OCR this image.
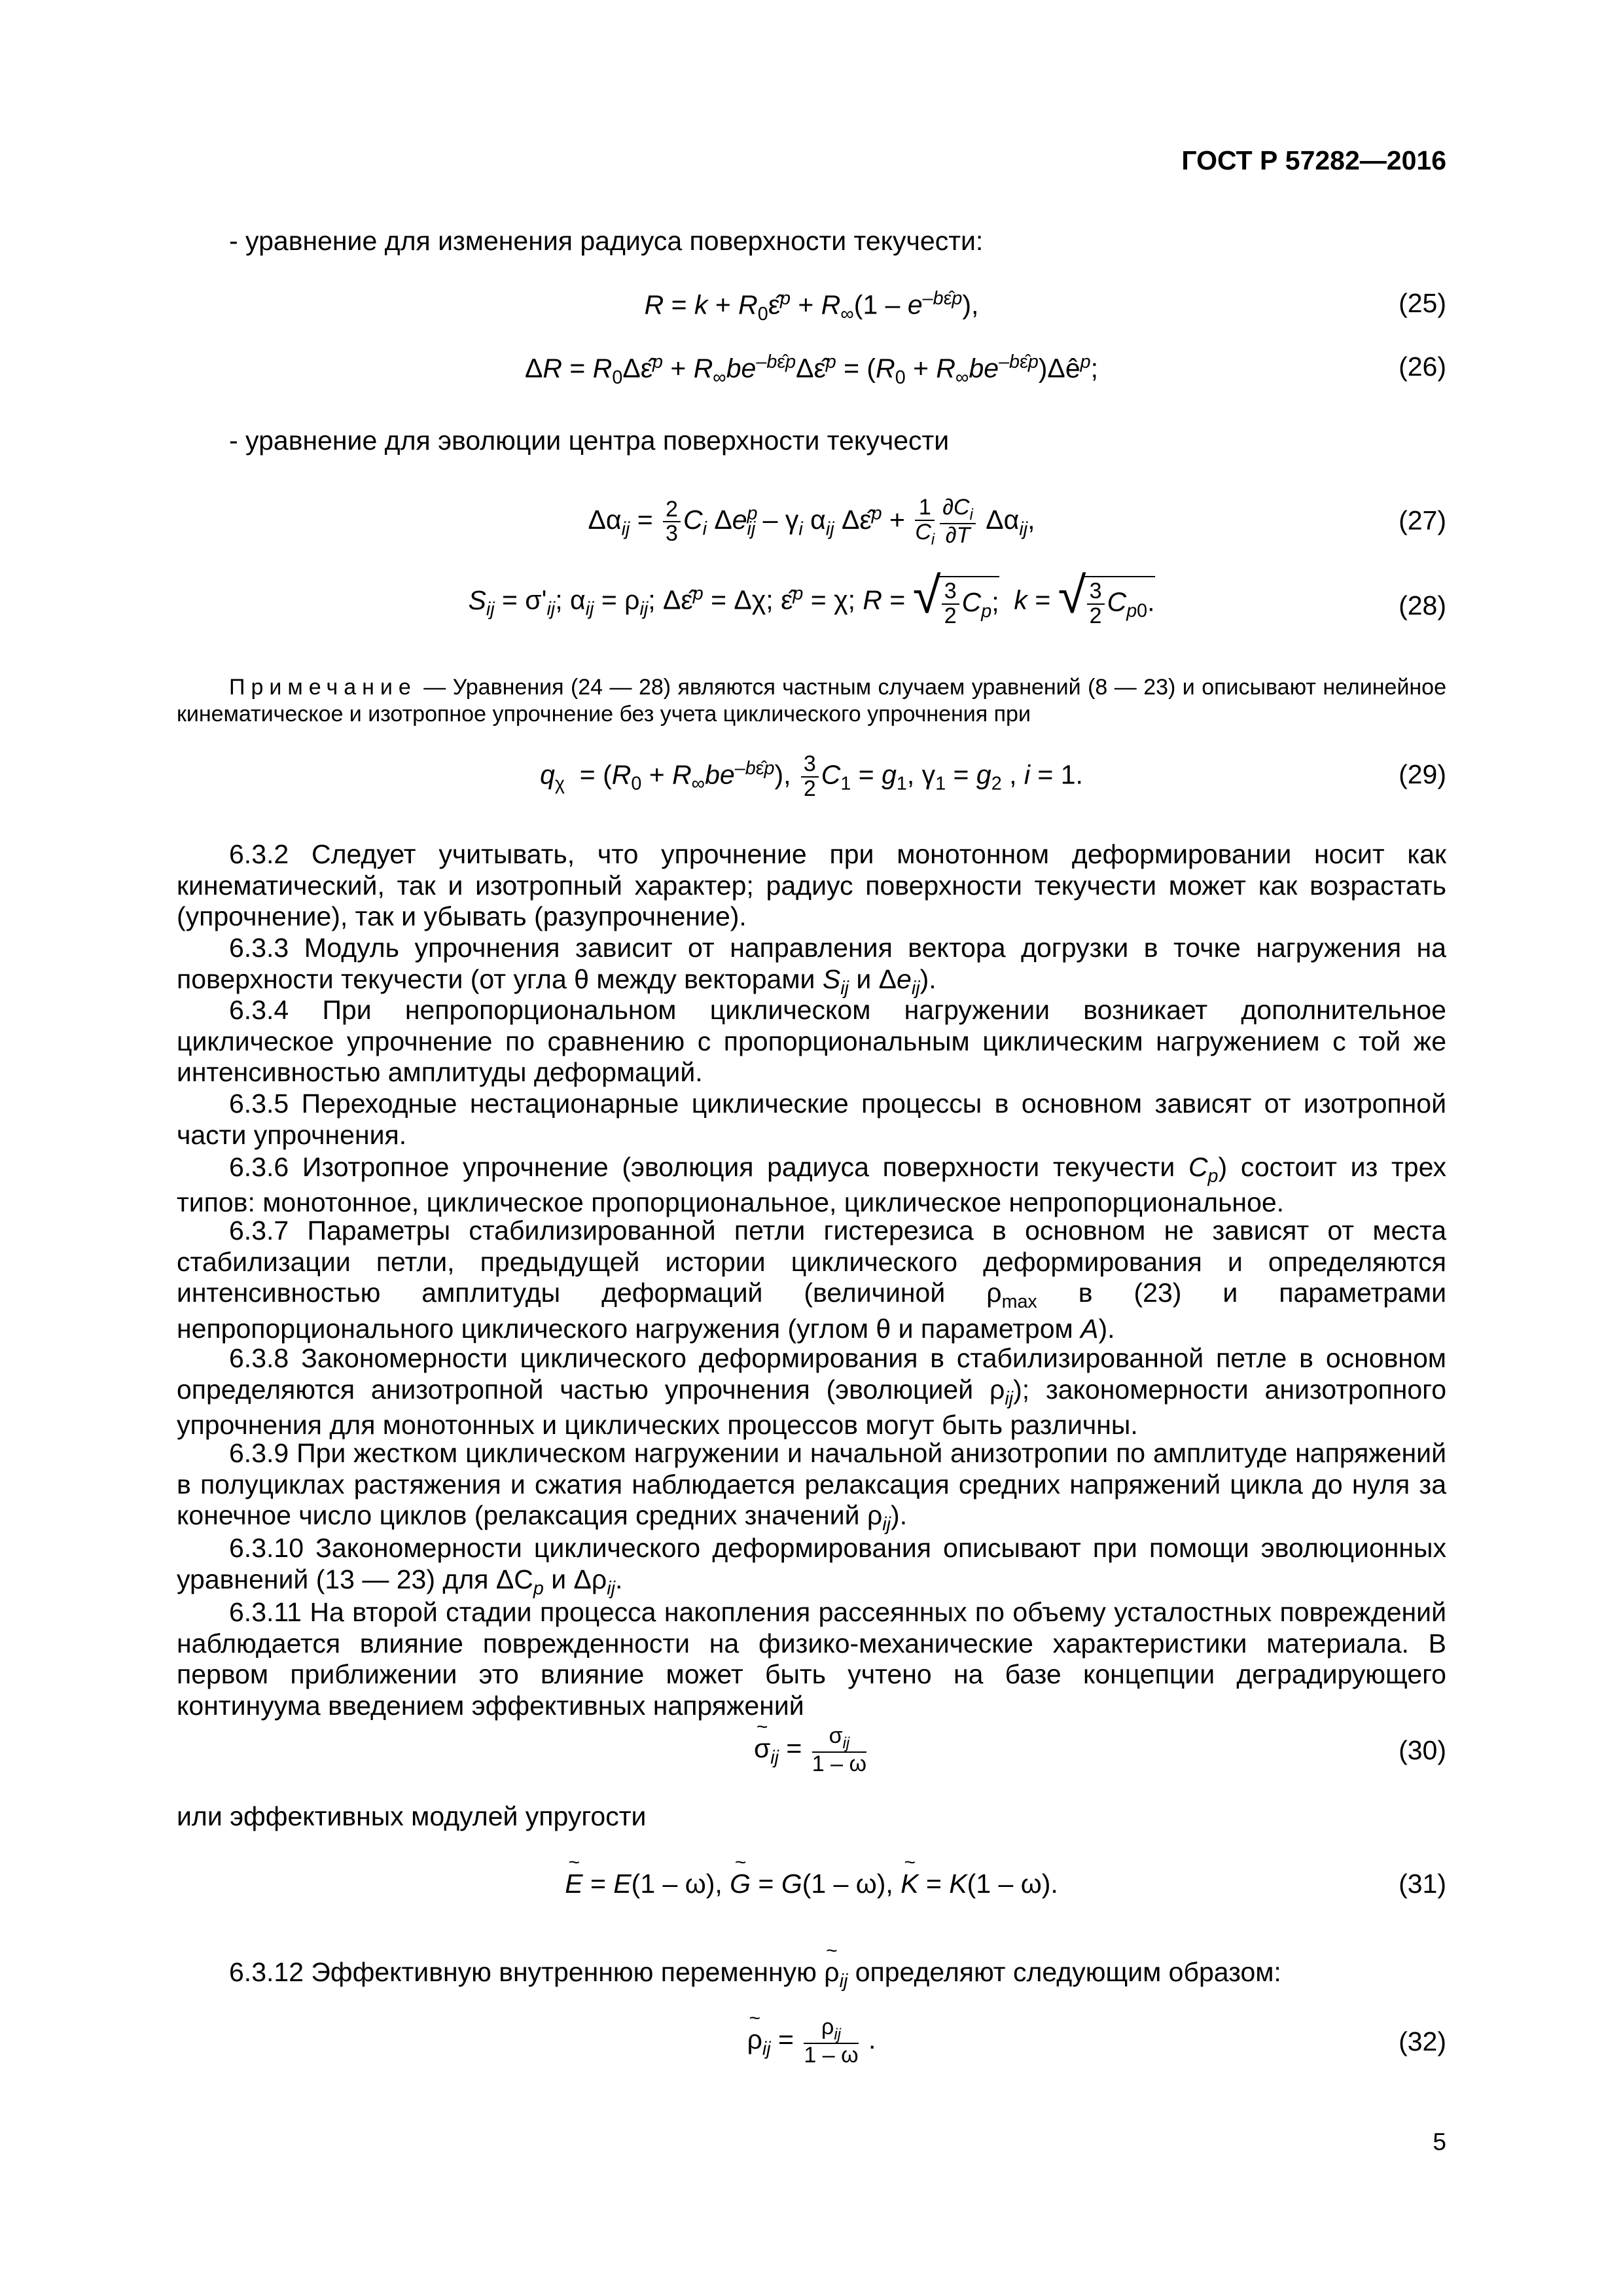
ГОСТ Р 57282—2016
- уравнение для изменения радиуса поверхности текучести:
$R = k + R_0\varepsilon̂^p + R_\infty(1 - e^{-b\varepsilon̂p})$,	(25)
$\Delta R = R_0\Delta\varepsilon̂^p$ + $R_\infty be^{-b\varepsilon̂p}\Delta\varepsilon̂^p = (R_0$ + $R_\infty be^{-b\varepsilon̂p})\Delta ê^p$;	(26)
- уравнение для эволюции центра поверхности текучести
$\Delta\alpha_{ij} = \frac{2}{3} C_i$ $\Delta e^p_{ij} - \gamma_i$ $\alpha_{ij}$ Δε̂$^p$ + $\frac{1}{C_i} \frac{\partial C_i}{\partial T} \Delta\alpha_{ij}$,	(27)
$S_{ij} = \sigma'_{ij}$; $\alpha_{ij} = \rho_{ij}$; Δε̂$^p$ = Δχ; ε̂$^p$ = χ; R = √ $\frac{3}{2} C_p$; k = √ $\frac{3}{2} C_{p0}$.	(28)
Примечание — Уравнения (24 — 28) являются частным случаем уравнений (8 — 23) и описывают нелинейное кинематическое и изотропное упрочнение без учета циклического упрочнения при
$q_\chi = (R_0 + R_\infty be^{-b\varepsilon̂p})$, $\frac{3}{2} C_1 = g_1$, $\gamma_1 = g_2$ , i = 1.	(29)
6.3.2 Следует учитывать, что упрочнение при монотонном деформировании носит как кинематический, так и изотропный характер; радиус поверхности текучести может как возрастать (упрочнение), так и убывать (разупрочнение).
6.3.3 Модуль упрочнения зависит от направления вектора догрузки в точке нагружения на поверхности текучести (от угла θ между векторами $S_{ij}$ и $\Delta e_{ij}$).
6.3.4 При непропорциональном циклическом нагружении возникает дополнительное циклическое упрочнение по сравнению с пропорциональным циклическим нагружением с той же интенсивностью амплитуды деформаций.
6.3.5 Переходные нестационарные циклические процессы в основном зависят от изотропной части упрочнения.
6.3.6 Изотропное упрочнение (эволюция радиуса поверхности текучести $C_p$) состоит из трех типов: монотонное, циклическое пропорциональное, циклическое непропорциональное.
6.3.7 Параметры стабилизированной петли гистерезиса в основном не зависят от места стабилизации петли, предыдущей истории циклического деформирования и определяются интенсивностью амплитуды деформаций (величиной $\rho_{max}$ в (23) и параметрами непропорционального циклического нагружения (углом θ и параметром A).
6.3.8 Закономерности циклического деформирования в стабилизированной петле в основном определяются анизотропной частью упрочнения (эволюцией $\rho_{ij}$); закономерности анизотропного упрочнения для монотонных и циклических процессов могут быть различны.
6.3.9 При жестком циклическом нагружении и начальной анизотропии по амплитуде напряжений в полуциклах растяжения и сжатия наблюдается релаксация средних напряжений цикла до нуля за конечное число циклов (релаксация средних значений $\rho_{ij}$).
6.3.10 Закономерности циклического деформирования описывают при помощи эволюционных уравнений (13 — 23) для $\Delta C_p$ и $\Delta\rho_{ij}$.
6.3.11 На второй стадии процесса накопления рассеянных по объему усталостных повреждений наблюдается влияние поврежденности на физико-механические характеристики материала. В первом приближении это влияние может быть учтено на базе концепции деградирующего континуума введением эффективных напряжений
~ $\sigma_{ij} = \frac{\sigma_{ij}}{1 - \omega}$	(30)
или эффективных модулей упругости
~ E = E(1 – ω), ~ G = G(1 – ω), ~ K = K(1 – ω).	(31)
6.3.12 Эффективную внутреннюю переменную ~ $\rho_{ij}$ определяют следующим образом:
~ $\rho_{ij} = \frac{\rho_{ij}}{1 - \omega}$ .	(32)
5
